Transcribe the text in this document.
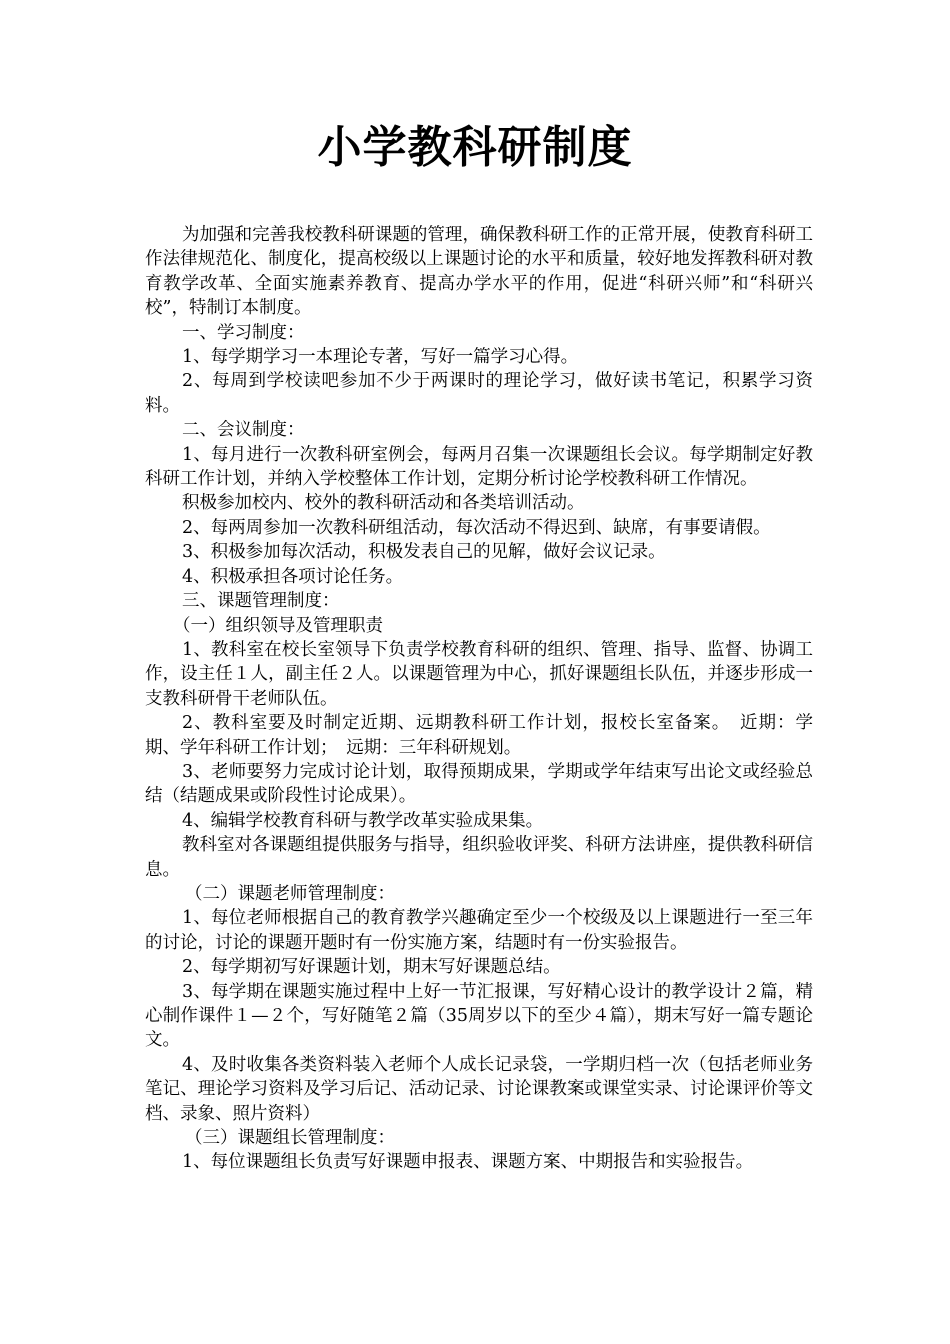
小学教科研制度

为加强和完善我校教科研课题的管理，确保教科研工作的正常开展，使教育科研工作法律规范化、制度化，提高校级以上课题讨论的水平和质量，较好地发挥教科研对教育教学改革、全面实施素养教育、提高办学水平的作用，促进“科研兴师”和“科研兴校”，特制订本制度。

一、学习制度：

1、每学期学习一本理论专著，写好一篇学习心得。

2、每周到学校读吧参加不少于两课时的理论学习，做好读书笔记，积累学习资料。

二、会议制度：

1、每月进行一次教科研室例会，每两月召集一次课题组长会议。每学期制定好教科研工作计划，并纳入学校整体工作计划，定期分析讨论学校教科研工作情况。

积极参加校内、校外的教科研活动和各类培训活动。

2、每两周参加一次教科研组活动，每次活动不得迟到、缺席，有事要请假。

3、积极参加每次活动，积极发表自己的见解，做好会议记录。

4、积极承担各项讨论任务。

三、课题管理制度：

（一）组织领导及管理职责

1、教科室在校长室领导下负责学校教育科研的组织、管理、指导、监督、协调工作，设主任１人，副主任２人。以课题管理为中心，抓好课题组长队伍，并逐步形成一支教科研骨干老师队伍。

2、教科室要及时制定近期、远期教科研工作计划，报校长室备案。　近期：学期、学年科研工作计划；　远期：三年科研规划。

3、老师要努力完成讨论计划，取得预期成果，学期或学年结束写出论文或经验总结（结题成果或阶段性讨论成果）。

4、编辑学校教育科研与教学改革实验成果集。

教科室对各课题组提供服务与指导，组织验收评奖、科研方法讲座，提供教科研信息。

（二）课题老师管理制度：

1、每位老师根据自己的教育教学兴趣确定至少一个校级及以上课题进行一至三年的讨论，讨论的课题开题时有一份实施方案，结题时有一份实验报告。

2、每学期初写好课题计划，期末写好课题总结。

3、每学期在课题实施过程中上好一节汇报课，写好精心设计的教学设计２篇，精心制作课件１—２个，写好随笔２篇（35周岁以下的至少４篇），期末写好一篇专题论文。

4、及时收集各类资料装入老师个人成长记录袋，一学期归档一次（包括老师业务笔记、理论学习资料及学习后记、活动记录、讨论课教案或课堂实录、讨论课评价等文档、录象、照片资料）

（三）课题组长管理制度：

1、每位课题组长负责写好课题申报表、课题方案、中期报告和实验报告。
